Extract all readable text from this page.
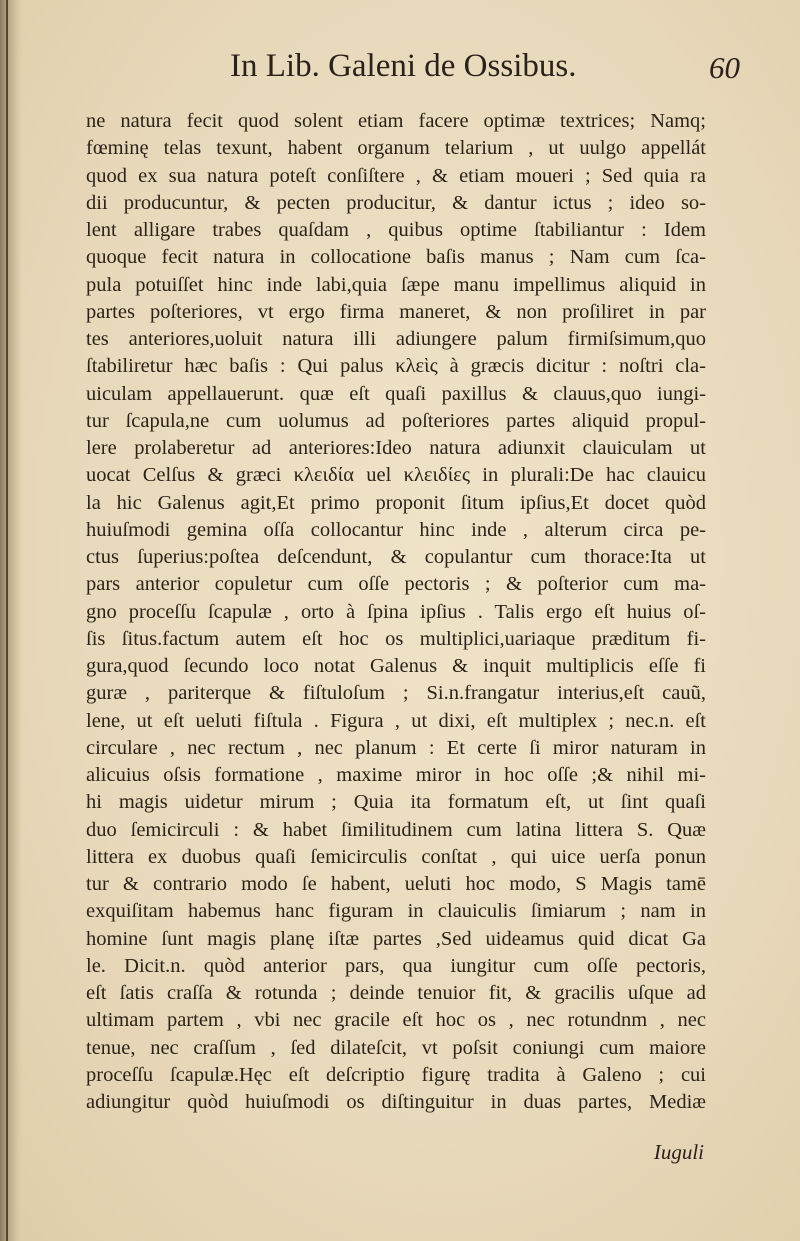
In Lib. Galeni de Ossibus.	60
ne natura fecit quod solent etiam facere optimæ textrices; Namq;
fœminę telas texunt, habent organum telarium , ut uulgo appellát
quod ex sua natura poteſt conſiſtere , & etiam moueri ; Sed quia ra
dii producuntur, & pecten producitur, & dantur ictus ; ideo so-
lent alligare trabes quaſdam , quibus optime ſtabiliantur : Idem
quoque fecit natura in collocatione baſis manus ; Nam cum ſca-
pula potuiſſet hinc inde labi,quia ſæpe manu impellimus aliquid in
partes poſteriores, vt ergo firma maneret, & non proſiliret in par
tes anteriores,uoluit natura illi adiungere palum firmiſsimum,quo
ſtabiliretur hæc baſis : Qui palus κλεὶς à græcis dicitur : noſtri cla-
uiculam appellauerunt. quæ eſt quaſi paxillus & clauus,quo iungi-
tur ſcapula,ne cum uolumus ad poſteriores partes aliquid propul-
lere prolaberetur ad anteriores:Ideo natura adiunxit clauiculam ut
uocat Celſus & græci κλειδία uel κλειδίες in plurali:De hac clauicu
la hic Galenus agit,Et primo proponit ſitum ipſius,Et docet quòd
huiuſmodi gemina oſſa collocantur hinc inde , alterum circa pe-
ctus ſuperius:poſtea deſcendunt, & copulantur cum thorace:Ita ut
pars anterior copuletur cum oſſe pectoris ; & poſterior cum ma-
gno proceſſu ſcapulæ , orto à ſpina ipſius . Talis ergo eſt huius oſ-
ſis ſitus.factum autem eſt hoc os multiplici,uariaque præditum fi-
gura,quod ſecundo loco notat Galenus & inquit multiplicis eſſe fi
guræ , pariterque & fiſtuloſum ; Si.n.frangatur interius,eſt cauũ,
lene, ut eſt ueluti fiſtula . Figura , ut dixi, eſt multiplex ; nec.n. eſt
circulare , nec rectum , nec planum : Et certe ſi miror naturam in
alicuius oſsis formatione , maxime miror in hoc oſſe ;& nihil mi-
hi magis uidetur mirum ; Quia ita formatum eſt, ut ſint quaſi
duo ſemicirculi : & habet ſimilitudinem cum latina littera S. Quæ
littera ex duobus quaſi ſemicirculis conſtat , qui uice uerſa ponun
tur & contrario modo ſe habent, ueluti hoc modo, S Magis tamē
exquiſitam habemus hanc figuram in clauiculis ſimiarum ; nam in
homine ſunt magis planę iſtæ partes ,Sed uideamus quid dicat Ga
le. Dicit.n. quòd anterior pars, qua iungitur cum oſſe pectoris,
eſt ſatis craſſa & rotunda ; deinde tenuior fit, & gracilis uſque ad
ultimam partem , vbi nec gracile eſt hoc os , nec rotundnm , nec
tenue, nec craſſum , ſed dilateſcit, vt poſsit coniungi cum maiore
proceſſu ſcapulæ.Hęc eſt deſcriptio figurę tradita à Galeno ; cui
adiungitur quòd huiuſmodi os diſtinguitur in duas partes, Mediæ
Iuguli
